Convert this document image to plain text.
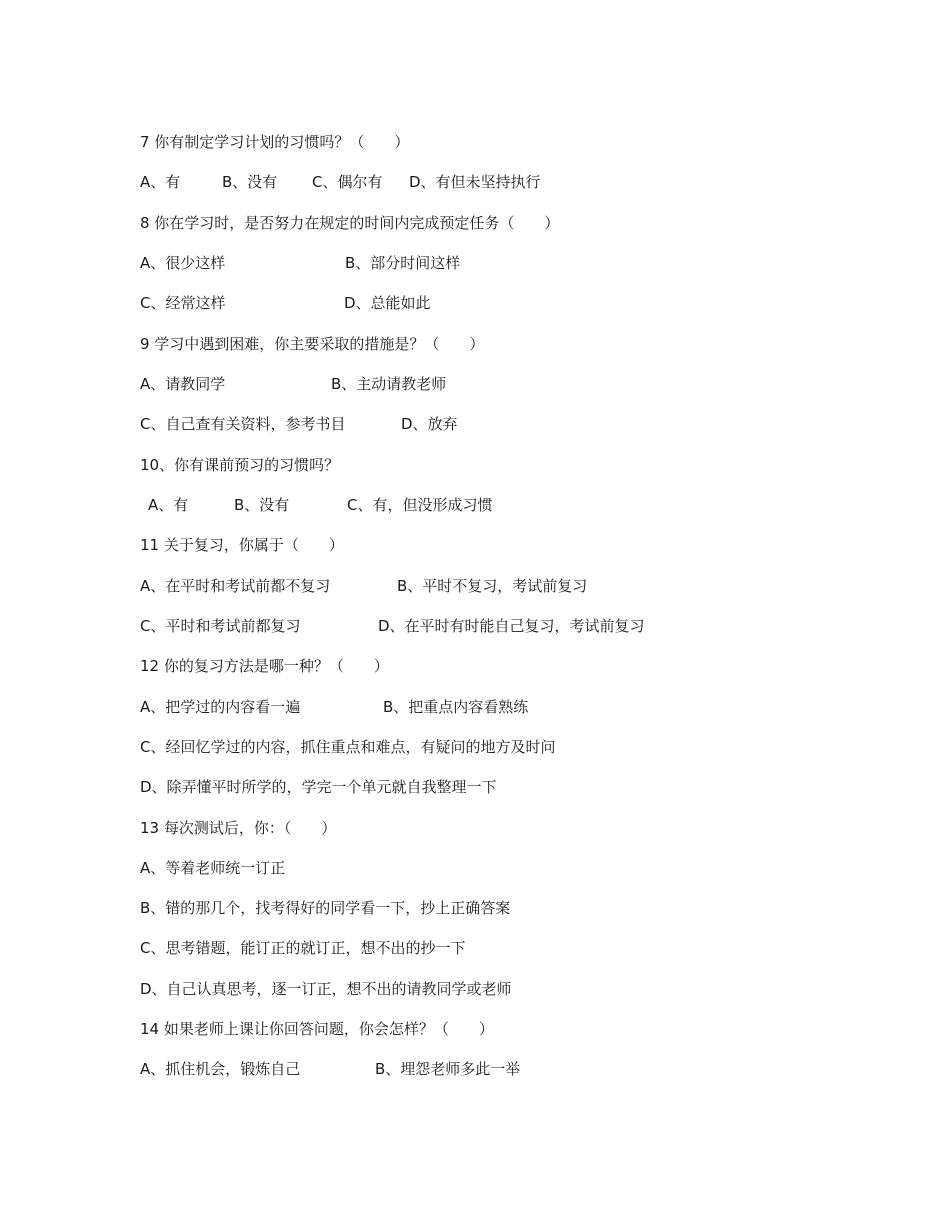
7 你有制定学习计划的习惯吗？（　　）
A、有	B、没有 C、偶尔有 D、有但未坚持执行
8 你在学习时，是否努力在规定的时间内完成预定任务（　　）
A、很少这样	B、部分时间这样
C、经常这样	D、总能如此
9 学习中遇到困难，你主要采取的措施是？（　　）
A、请教同学	B、主动请教老师
C、自己查有关资料，参考书目	D、放弃
10、你有课前预习的习惯吗？
A、有	B、没有	C、有，但没形成习惯
11 关于复习，你属于（　　）
A、在平时和考试前都不复习	B、平时不复习，考试前复习
C、平时和考试前都复习	D、在平时有时能自己复习，考试前复习
12 你的复习方法是哪一种？（　　）
A、把学过的内容看一遍	B、把重点内容看熟练
C、经回忆学过的内容，抓住重点和难点，有疑问的地方及时问
D、除弄懂平时所学的，学完一个单元就自我整理一下
13 每次测试后，你：（　　）
A、等着老师统一订正
B、错的那几个，找考得好的同学看一下，抄上正确答案
C、思考错题，能订正的就订正，想不出的抄一下
D、自己认真思考，逐一订正，想不出的请教同学或老师
14 如果老师上课让你回答问题，你会怎样？（　　）
A、抓住机会，锻炼自己	B、埋怨老师多此一举
